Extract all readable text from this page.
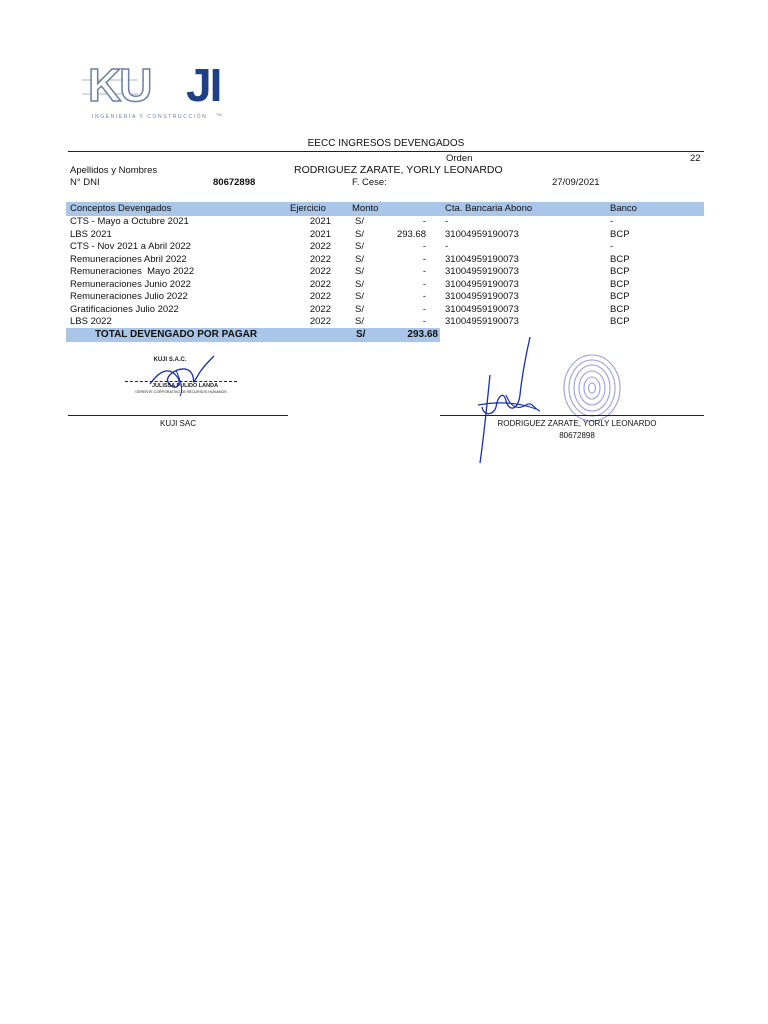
KU JI
INGENIERÍA Y CONSTRUCCIÓN TM
EECC INGRESOS DEVENGADOS
Orden	22
Apellidos y Nombres	RODRIGUEZ ZARATE, YORLY LEONARDO
N° DNI	80672898	F. Cese:	27/09/2021
Conceptos Devengados	Ejercicio	Monto	Cta. Bancaria Abono	Banco
CTS - Mayo a Octubre 2021	2021	S/	- -	-
LBS 2021	2021	S/	293.68 31004959190073	BCP
CTS - Nov 2021 a Abril 2022	2022	S/	- -	-
Remuneraciones Abril 2022	2022	S/	- 31004959190073	BCP
Remuneraciones  Mayo 2022	2022	S/	- 31004959190073	BCP
Remuneraciones Junio 2022	2022	S/	- 31004959190073	BCP
Remuneraciones Julio 2022	2022	S/	- 31004959190073	BCP
Gratificaciones Julio 2022	2022	S/	- 31004959190073	BCP
LBS 2022	2022	S/	- 31004959190073	BCP
TOTAL DEVENGADO POR PAGAR	S/	293.68
KUJI S.A.C.
JULISSA PULIDO LANDA
GERENTE CORPORATIVO DE RECURSOS HUMANOS
KUJI SAC	RODRIGUEZ ZARATE, YORLY LEONARDO
80672898
